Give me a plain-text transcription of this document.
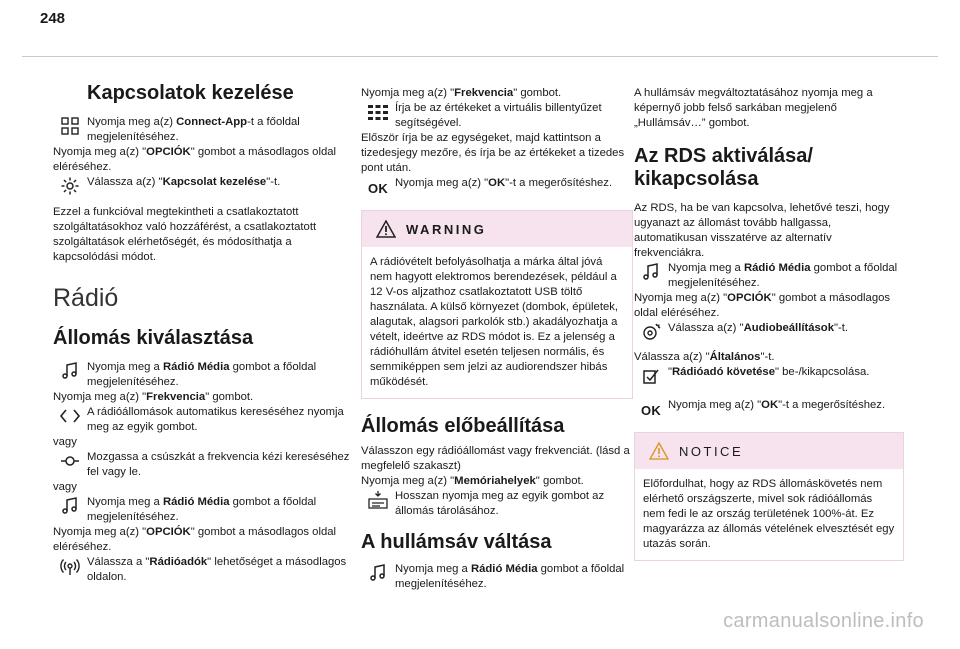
248
Kapcsolatok kezelése

Nyomja meg a(z) Connect-App-t a főoldal megjelenítéséhez.

Nyomja meg a(z) "OPCIÓK" gombot a másodlagos oldal eléréséhez.

Válassza a(z) "Kapcsolat kezelése"-t.

Ezzel a funkcióval megtekintheti a csatlakoztatott szolgáltatásokhoz való hozzáférést, a csatlakoztatott szolgáltatások elérhetőségét, és módosíthatja a kapcsolódási módot.

Rádió
Állomás kiválasztása

Nyomja meg a Rádió Média gombot a főoldal megjelenítéséhez.

Nyomja meg a(z) "Frekvencia" gombot.

A rádióállomások automatikus kereséséhez nyomja meg az egyik gombot.

vagy

Mozgassa a csúszkát a frekvencia kézi kereséséhez fel vagy le.

vagy

Nyomja meg a Rádió Média gombot a főoldal megjelenítéséhez.

Nyomja meg a(z) "OPCIÓK" gombot a másodlagos oldal eléréséhez.

Válassza a "Rádióadók" lehetőséget a másodlagos oldalon.

Nyomja meg a(z) "Frekvencia" gombot.

Írja be az értékeket a virtuális billentyűzet segítségével.

Először írja be az egységeket, majd kattintson a tizedesjegy mezőre, és írja be az értékeket a tizedes pont után.

OK Nyomja meg a(z) "OK"-t a megerősítéshez.

WARNING
A rádióvételt befolyásolhatja a márka által jóvá nem hagyott elektromos berendezések, például a 12 V-os aljzathoz csatlakoztatott USB töltő használata. A külső környezet (dombok, épületek, alagutak, alagsori parkolók stb.) akadályozhatja a vételt, ideértve az RDS módot is. Ez a jelenség a rádióhullám átvitel esetén teljesen normális, és semmiképpen sem jelzi az audiorendszer hibás működését.
Állomás előbeállítása

Válasszon egy rádióállomást vagy frekvenciát. (lásd a megfelelő szakaszt)

Nyomja meg a(z) "Memóriahelyek" gombot.

Hosszan nyomja meg az egyik gombot az állomás tárolásához.

A hullámsáv váltása

Nyomja meg a Rádió Média gombot a főoldal megjelenítéséhez.

A hullámsáv megváltoztatásához nyomja meg a képernyő jobb felső sarkában megjelenő „Hullámsáv…” gombot.

Az RDS aktiválása/ kikapcsolása

Az RDS, ha be van kapcsolva, lehetővé teszi, hogy ugyanazt az állomást tovább hallgassa, automatikusan visszatérve az alternatív frekvenciákra.

Nyomja meg a Rádió Média gombot a főoldal megjelenítéséhez.

Nyomja meg a(z) "OPCIÓK" gombot a másodlagos oldal eléréséhez.

Válassza a(z) "Audiobeállítások"-t.

Válassza a(z) "Általános"-t.

"Rádióadó követése" be-/kikapcsolása.

OK Nyomja meg a(z) "OK"-t a megerősítéshez.

NOTICE
Előfordulhat, hogy az RDS állomáskövetés nem elérhető országszerte, mivel sok rádióállomás nem fedi le az ország területének 100%-át. Ez magyarázza az állomás vételének elvesztését egy utazás során.
carmanualsonline.info
